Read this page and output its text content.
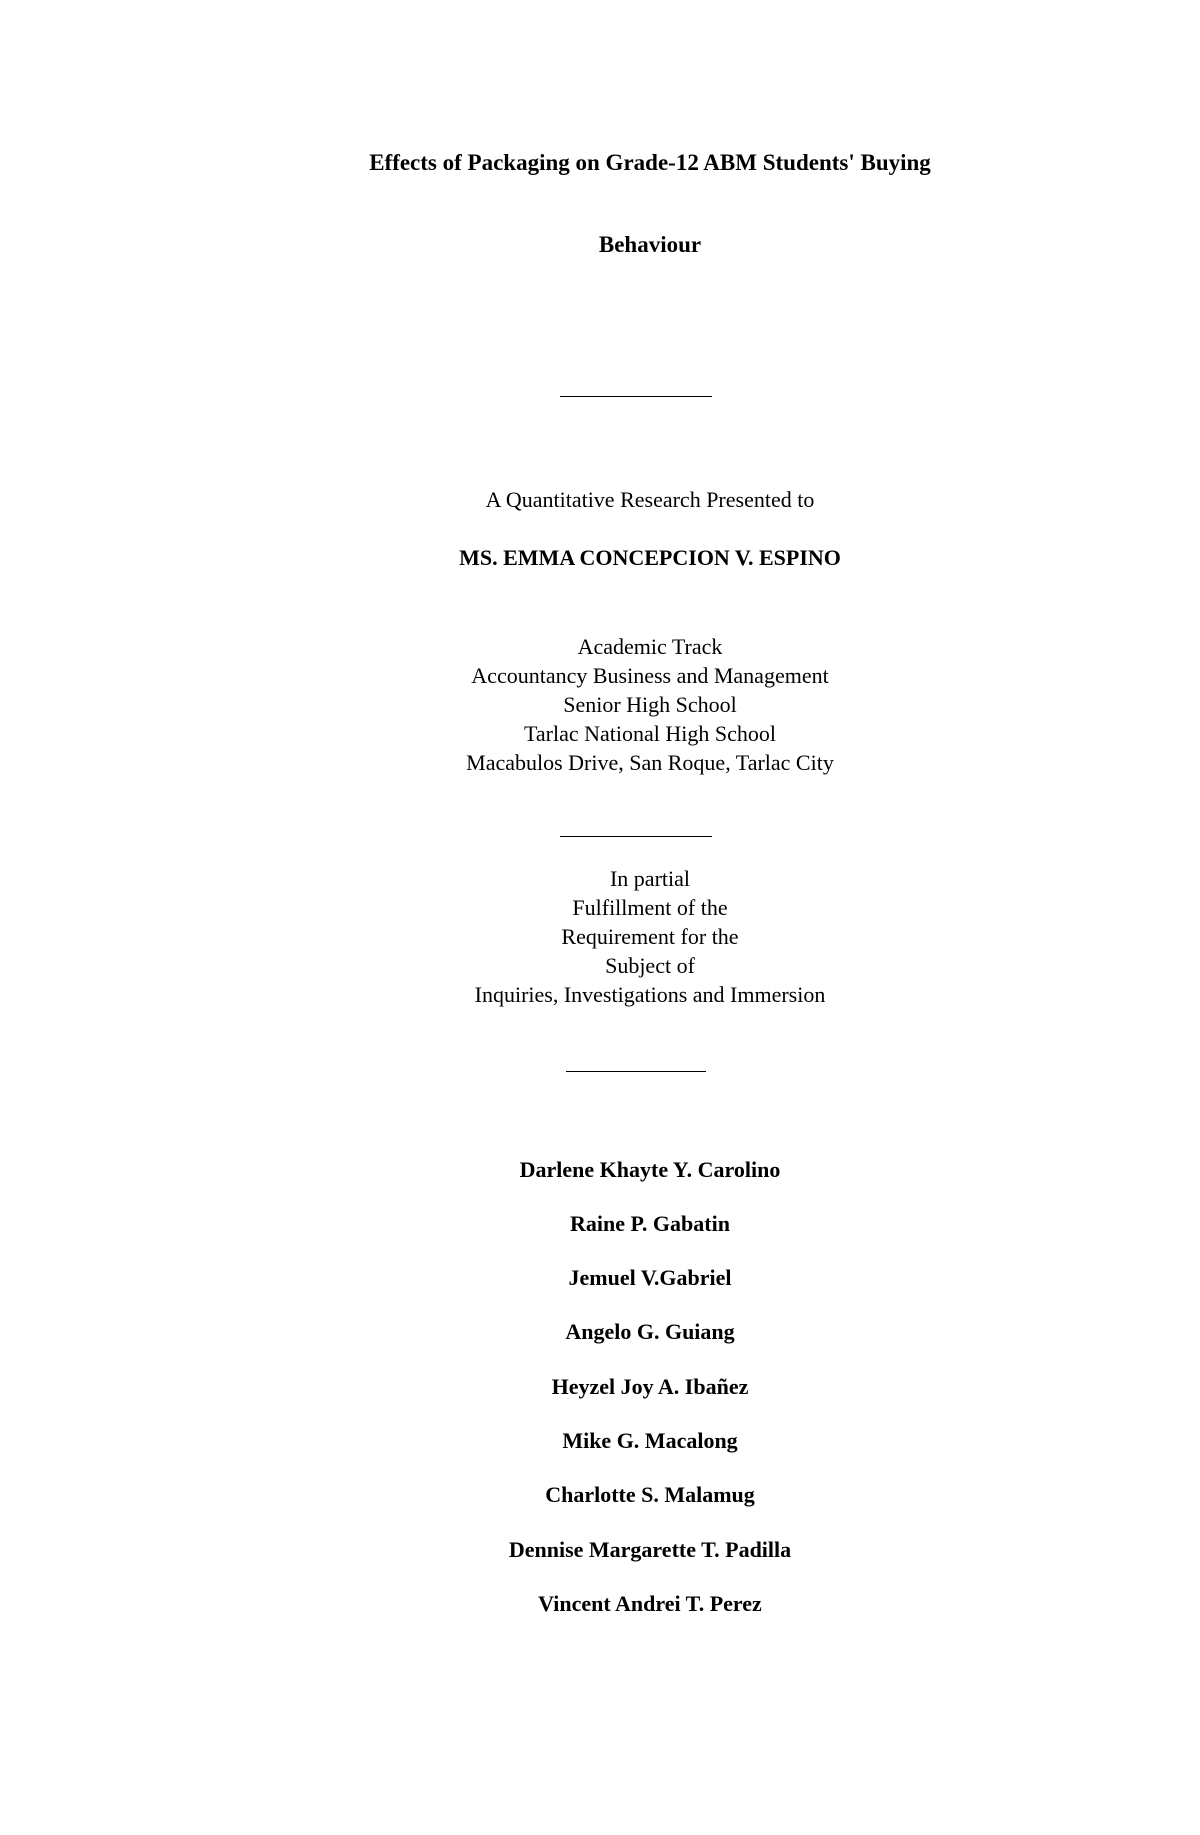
Effects of Packaging on Grade-12 ABM Students' Buying
Behaviour
A Quantitative Research Presented to
MS. EMMA CONCEPCION V. ESPINO
Academic Track
Accountancy Business and Management
Senior High School
Tarlac National High School
Macabulos Drive, San Roque, Tarlac City
In partial
Fulfillment of the
Requirement for the
Subject of
Inquiries, Investigations and Immersion
Darlene Khayte Y. Carolino
Raine P. Gabatin
Jemuel V.Gabriel
Angelo G. Guiang
Heyzel Joy A. Ibañez
Mike G. Macalong
Charlotte S. Malamug
Dennise Margarette T. Padilla
Vincent Andrei T. Perez
